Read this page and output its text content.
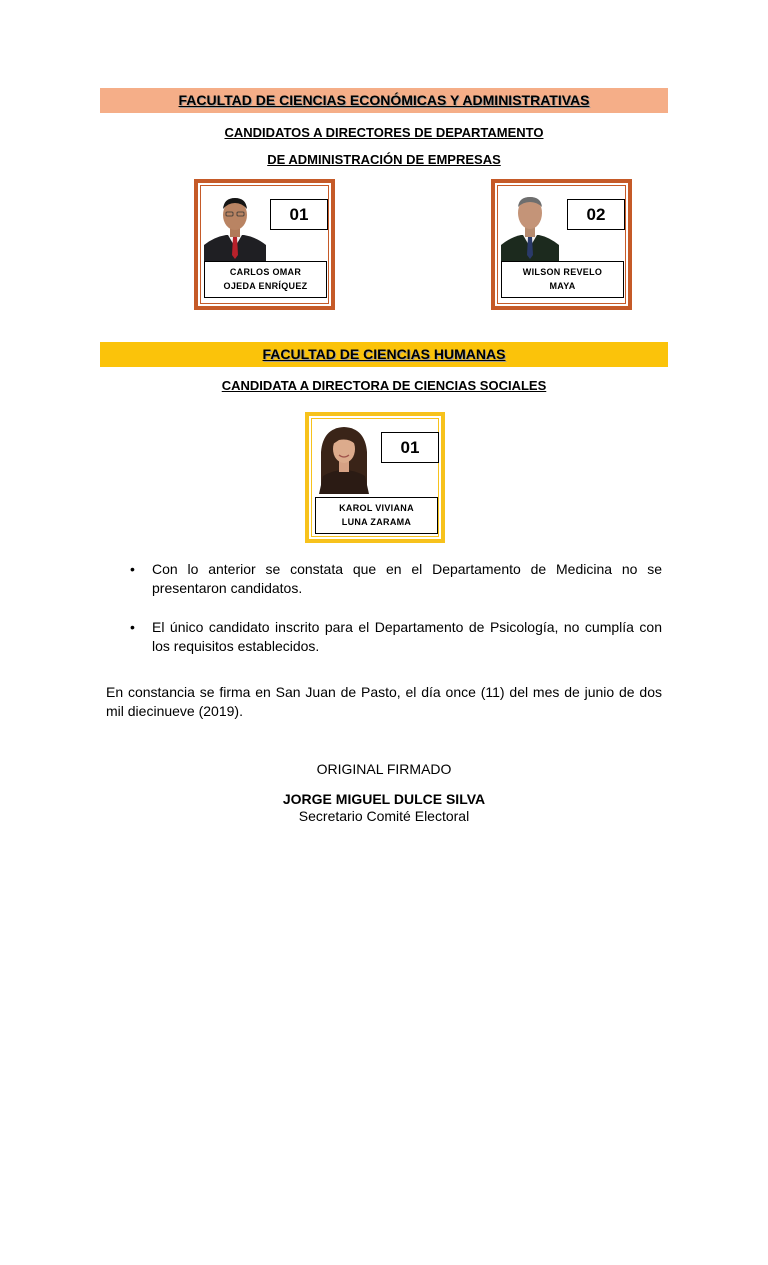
FACULTAD DE CIENCIAS ECONÓMICAS Y ADMINISTRATIVAS
CANDIDATOS A DIRECTORES DE DEPARTAMENTO
DE ADMINISTRACIÓN DE EMPRESAS
01
CARLOS OMAR
OJEDA ENRÍQUEZ
02
WILSON REVELO
MAYA
FACULTAD DE CIENCIAS HUMANAS
CANDIDATA A DIRECTORA DE CIENCIAS SOCIALES
01
KAROL VIVIANA
LUNA ZARAMA
• Con lo anterior se constata que en el Departamento de Medicina no se presentaron candidatos.
• El único candidato inscrito para el Departamento de Psicología, no cumplía con los requisitos establecidos.
En constancia se firma en San Juan de Pasto, el día once (11) del mes de junio de dos mil diecinueve (2019).
ORIGINAL FIRMADO
JORGE MIGUEL DULCE SILVA
Secretario Comité Electoral
